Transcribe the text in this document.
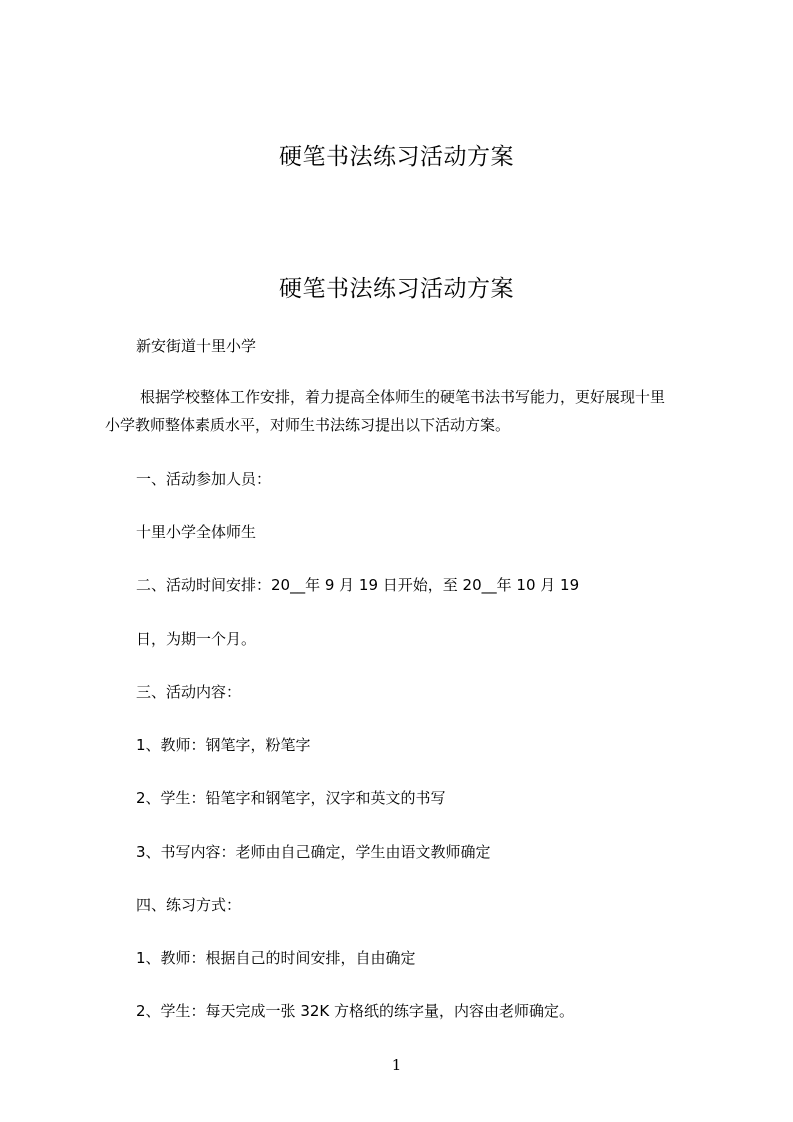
硬笔书法练习活动方案
硬笔书法练习活动方案
新安街道十里小学
根据学校整体工作安排，着力提高全体师生的硬笔书法书写能力，更好展现十里
小学教师整体素质水平，对师生书法练习提出以下活动方案。
一、活动参加人员：
十里小学全体师生
二、活动时间安排：20__年 9 月 19 日开始，至 20__年 10 月 19
日，为期一个月。
三、活动内容：
1、教师：钢笔字，粉笔字
2、学生：铅笔字和钢笔字，汉字和英文的书写
3、书写内容：老师由自己确定，学生由语文教师确定
四、练习方式：
1、教师：根据自己的时间安排，自由确定
2、学生：每天完成一张 32K 方格纸的练字量，内容由老师确定。
1
